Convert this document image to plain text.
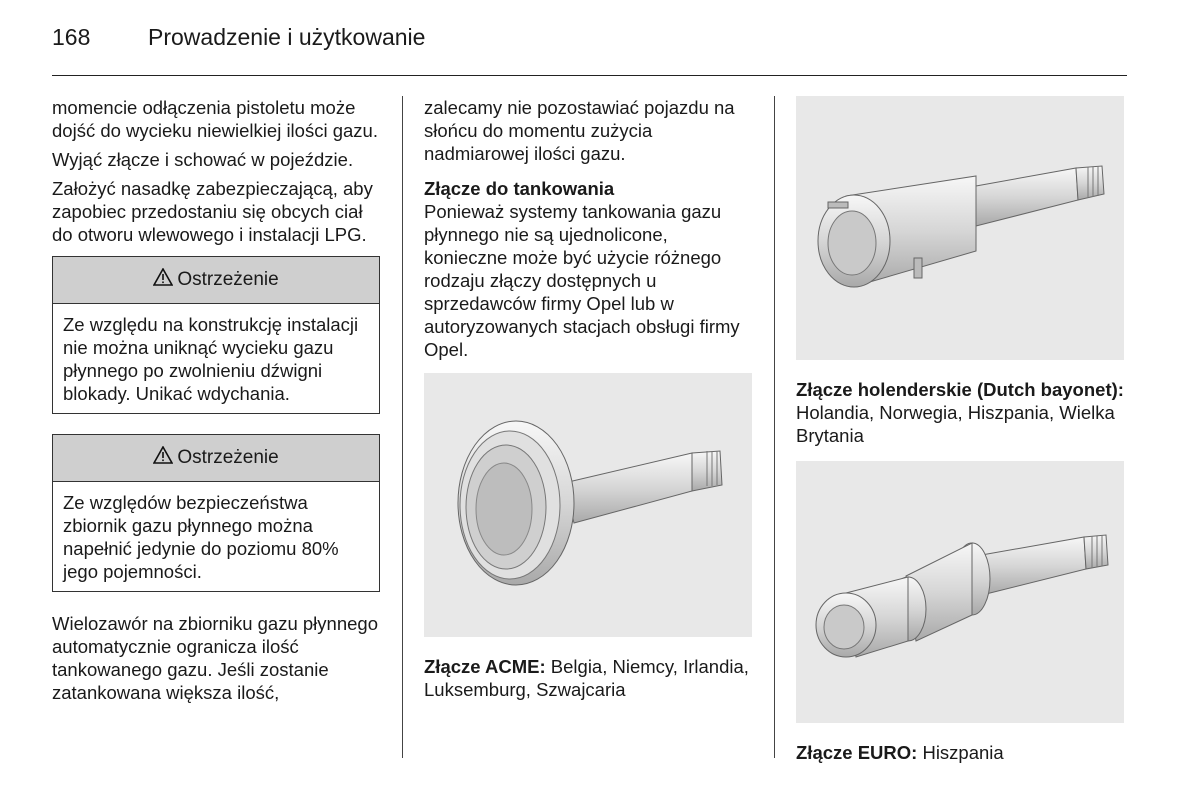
168	Prowadzenie i użytkowanie

momencie odłączenia pistoletu może dojść do wycieku niewielkiej ilości gazu.

Wyjąć złącze i schować w pojeździe.

Założyć nasadkę zabezpieczającą, aby zapobiec przedostaniu się obcych ciał do otworu wlewowego i instalacji LPG.

Ostrzeżenie
Ze względu na konstrukcję instalacji nie można uniknąć wycieku gazu płynnego po zwolnieniu dźwigni blokady. Unikać wdychania.
Ostrzeżenie
Ze względów bezpieczeństwa zbiornik gazu płynnego można napełnić jedynie do poziomu 80% jego pojemności.

Wielozawór na zbiorniku gazu płynnego automatycznie ogranicza ilość tankowanego gazu. Jeśli zostanie zatankowana większa ilość,

zalecamy nie pozostawiać pojazdu na słońcu do momentu zużycia nadmiarowej ilości gazu.

Złącze do tankowania

Ponieważ systemy tankowania gazu płynnego nie są ujednolicone, konieczne może być użycie różnego rodzaju złączy dostępnych u sprzedawców firmy Opel lub w autoryzowanych stacjach obsługi firmy Opel.

Złącze ACME: Belgia, Niemcy, Irlandia, Luksemburg, Szwajcaria

Złącze holenderskie (Dutch bayonet): Holandia, Norwegia, Hiszpania, Wielka Brytania

Złącze EURO: Hiszpania
